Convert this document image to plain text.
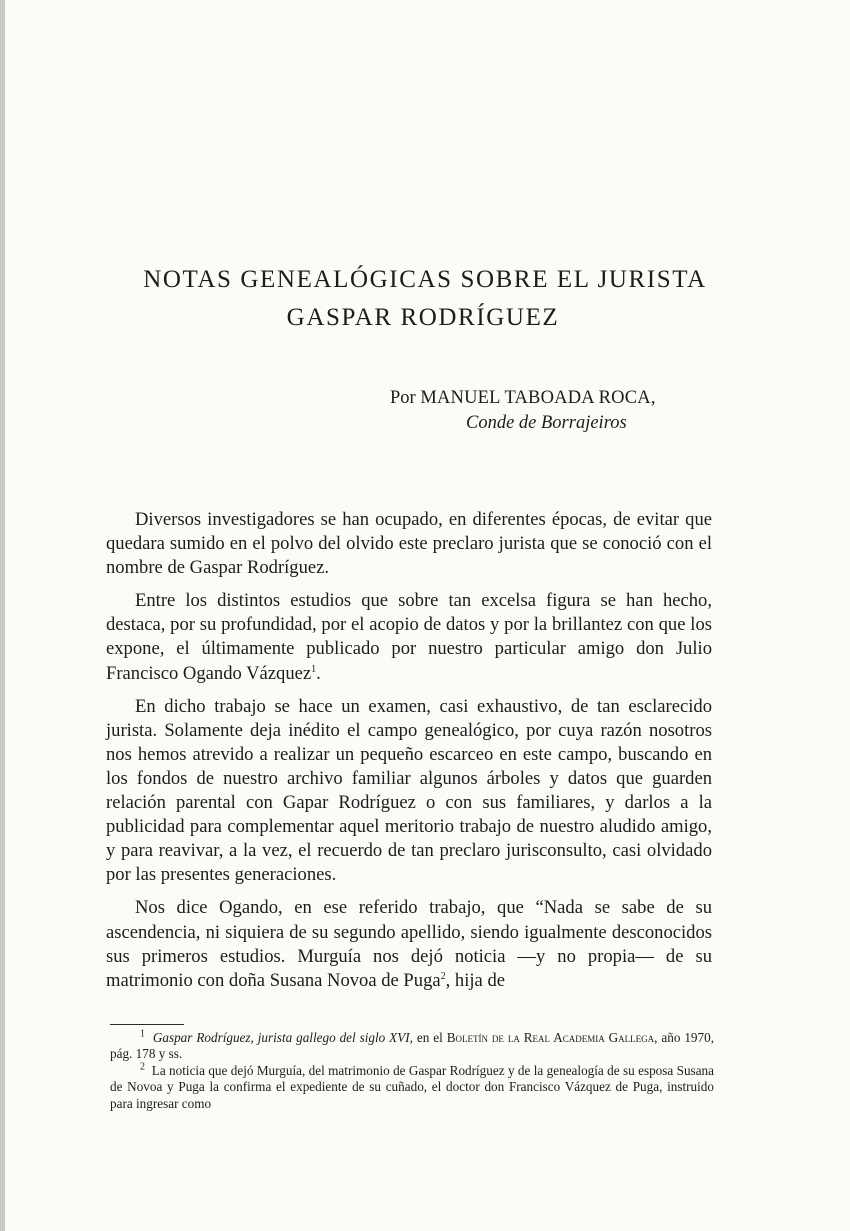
NOTAS GENEALÓGICAS SOBRE EL JURISTA
GASPAR RODRÍGUEZ
Por MANUEL TABOADA ROCA,
Conde de Borrajeiros

Diversos investigadores se han ocupado, en diferentes épocas, de evitar que quedara sumido en el polvo del olvido este preclaro jurista que se conoció con el nombre de Gaspar Rodríguez.

Entre los distintos estudios que sobre tan excelsa figura se han hecho, destaca, por su profundidad, por el acopio de datos y por la brillantez con que los expone, el últimamente publicado por nuestro particular amigo don Julio Francisco Ogando Vázquez$^1$.

En dicho trabajo se hace un examen, casi exhaustivo, de tan esclarecido jurista. Solamente deja inédito el campo genealógico, por cuya razón nosotros nos hemos atrevido a realizar un pequeño escarceo en este campo, buscando en los fondos de nuestro archivo familiar algunos árboles y datos que guarden relación parental con Gapar Rodríguez o con sus familiares, y darlos a la publicidad para complementar aquel meritorio trabajo de nuestro aludido amigo, y para reavivar, a la vez, el recuerdo de tan preclaro jurisconsulto, casi olvidado por las presentes generaciones.

Nos dice Ogando, en ese referido trabajo, que “Nada se sabe de su ascendencia, ni siquiera de su segundo apellido, siendo igualmente desconocidos sus primeros estudios. Murguía nos dejó noticia —y no propia— de su matrimonio con doña Susana Novoa de Puga$^2$, hija de

$^1$ Gaspar Rodríguez, jurista gallego del siglo XVI, en el Boletín de la Real Academia Gallega, año 1970, pág. 178 y ss.

$^2$ La noticia que dejó Murguía, del matrimonio de Gaspar Rodríguez y de la genealogía de su esposa Susana de Novoa y Puga la confirma el expediente de su cuñado, el doctor don Francisco Vázquez de Puga, instruido para ingresar como
